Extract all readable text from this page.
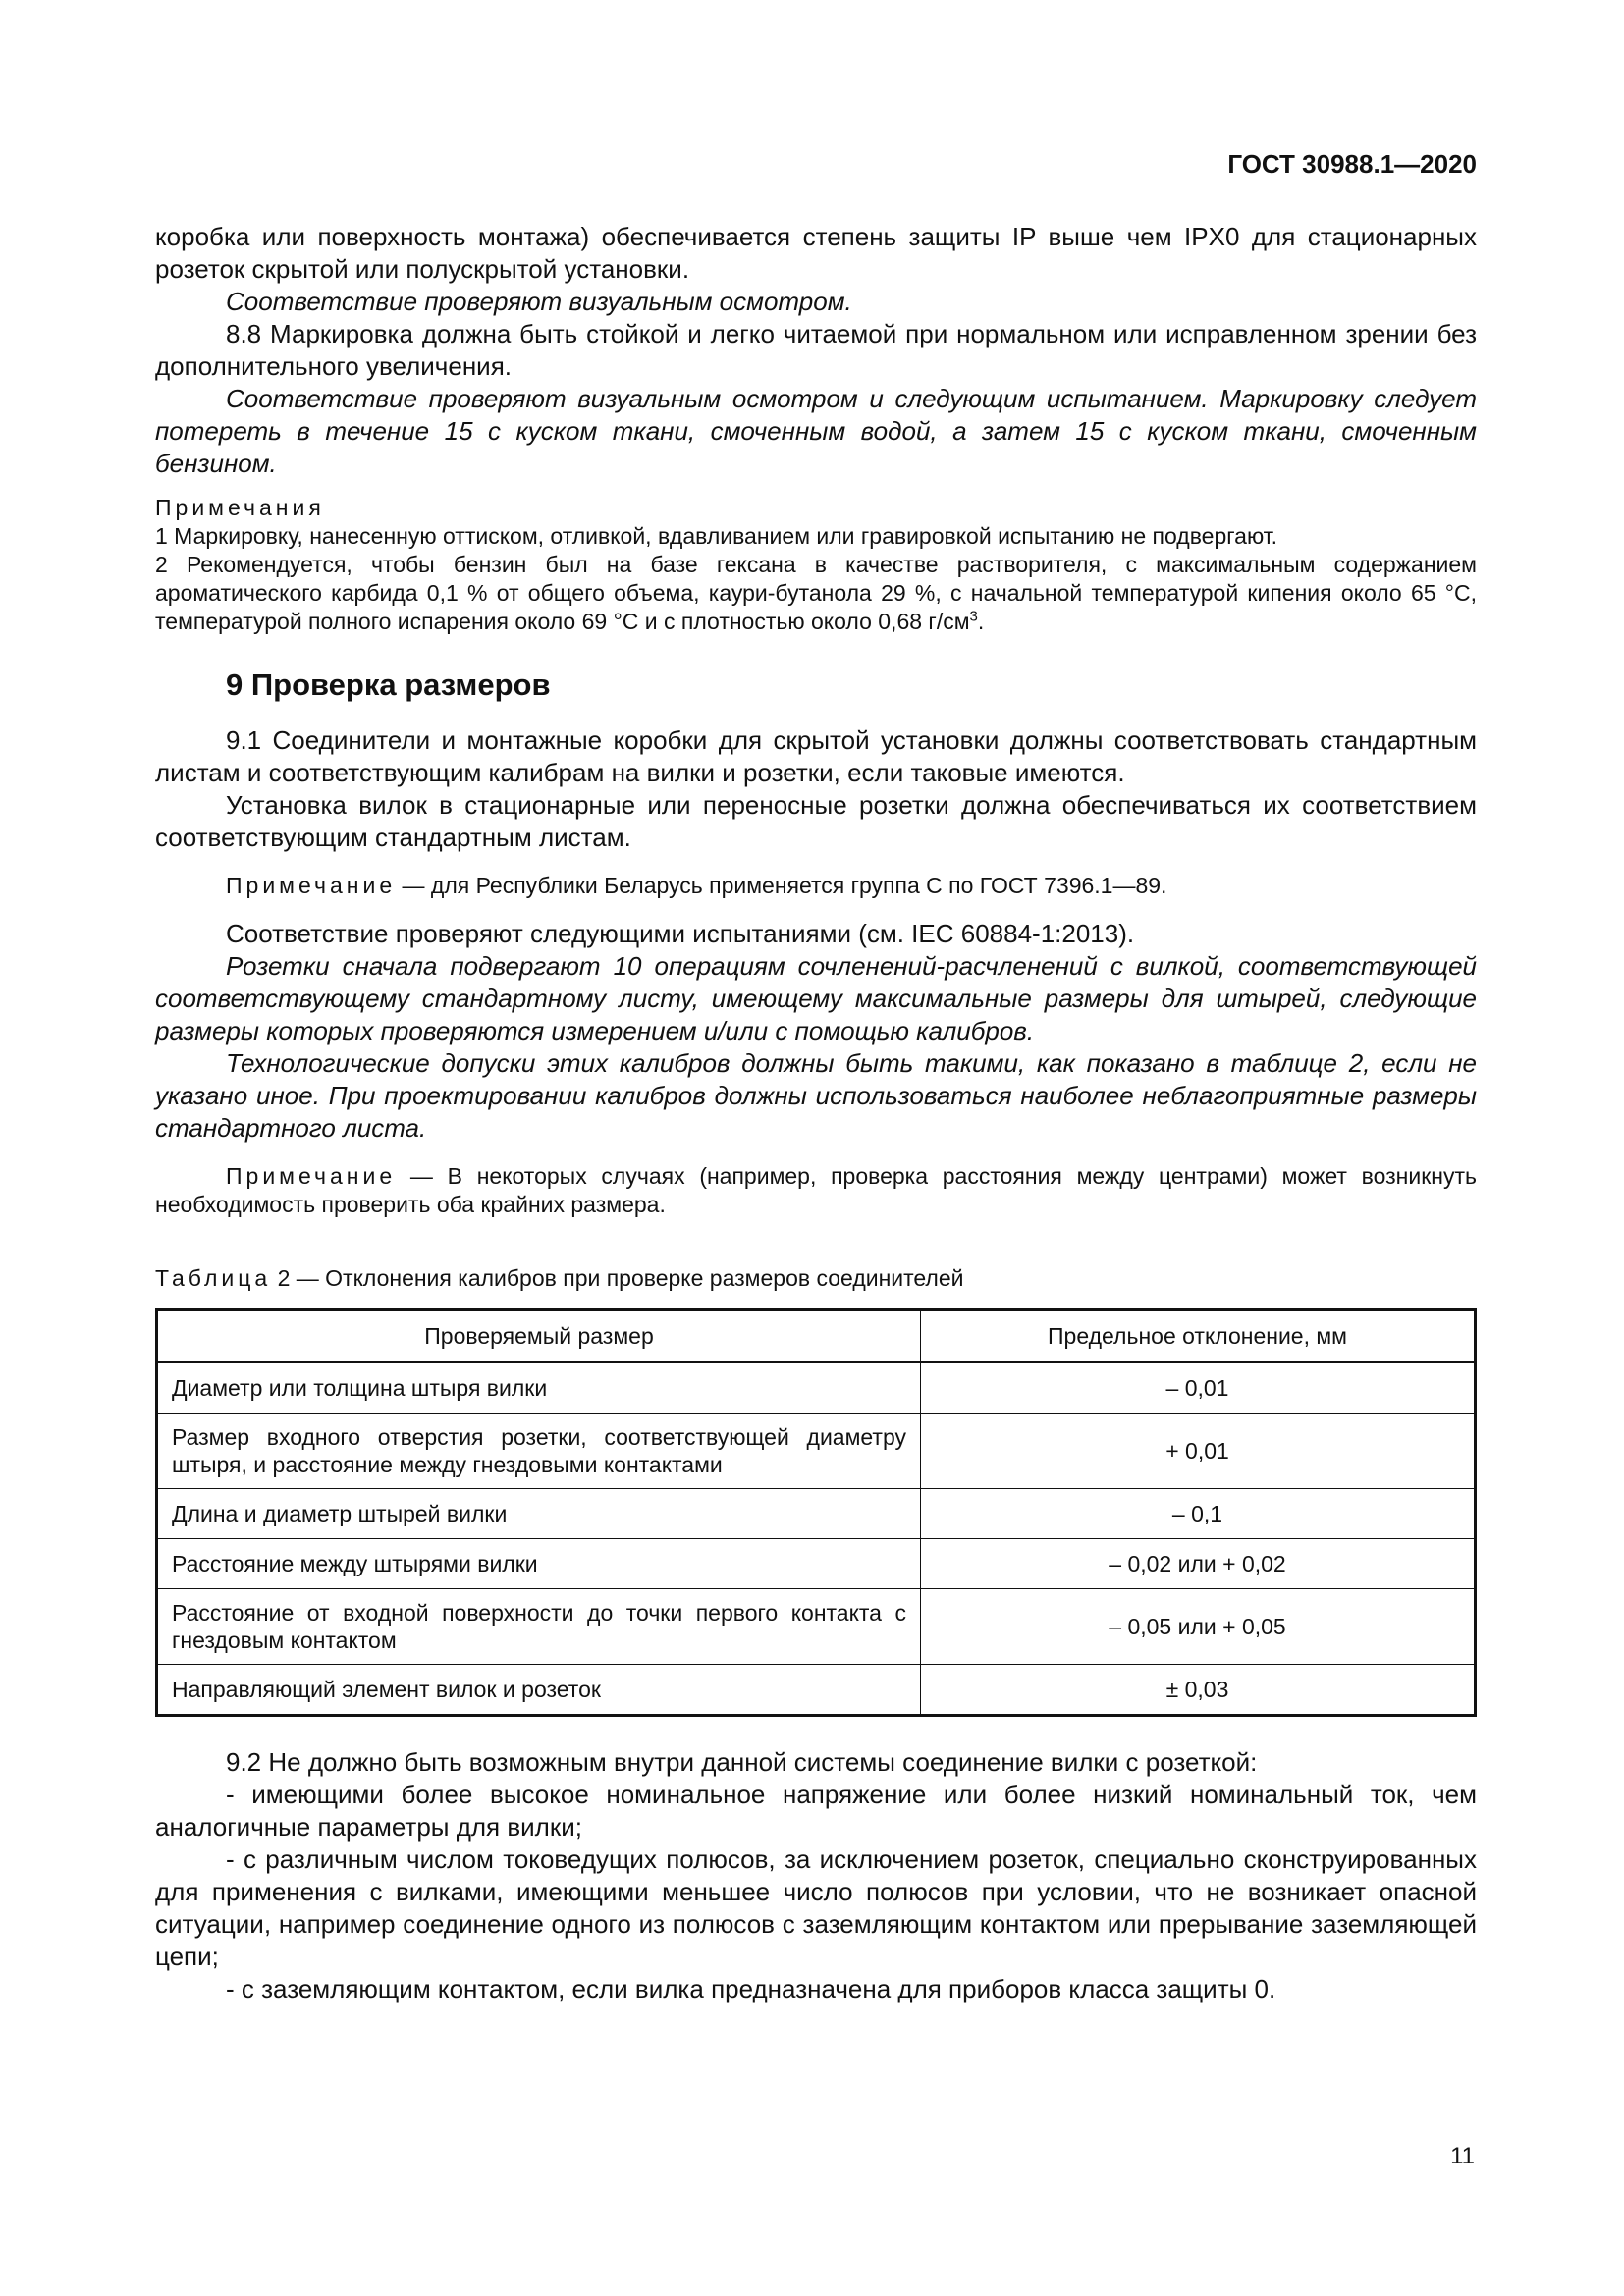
ГОСТ 30988.1—2020

коробка или поверхность монтажа) обеспечивается степень защиты IP выше чем IPX0 для стационарных розеток скрытой или полускрытой установки.

Соответствие проверяют визуальным осмотром.

8.8 Маркировка должна быть стойкой и легко читаемой при нормальном или исправленном зрении без дополнительного увеличения.

Соответствие проверяют визуальным осмотром и следующим испытанием. Маркировку следует потереть в течение 15 с куском ткани, смоченным водой, а затем 15 с куском ткани, смоченным бензином.

Примечания

1 Маркировку, нанесенную оттиском, отливкой, вдавливанием или гравировкой испытанию не подвергают.

2 Рекомендуется, чтобы бензин был на базе гексана в качестве растворителя, с максимальным содержанием ароматического карбида 0,1 % от общего объема, каури-бутанола 29 %, с начальной температурой кипения около 65 °С, температурой полного испарения около 69 °С и с плотностью около 0,68 $г/см^3$.

9 Проверка размеров

9.1 Соединители и монтажные коробки для скрытой установки должны соответствовать стандартным листам и соответствующим калибрам на вилки и розетки, если таковые имеются.

Установка вилок в стационарные или переносные розетки должна обеспечиваться их соответствием соответствующим стандартным листам.

Примечание — для Республики Беларусь применяется группа С по ГОСТ 7396.1—89.

Соответствие проверяют следующими испытаниями (см. IEC 60884-1:2013).

Розетки сначала подвергают 10 операциям сочленений-расчленений с вилкой, соответствующей соответствующему стандартному листу, имеющему максимальные размеры для штырей, следующие размеры которых проверяются измерением и/или с помощью калибров.

Технологические допуски этих калибров должны быть такими, как показано в таблице 2, если не указано иное. При проектировании калибров должны использоваться наиболее неблагоприятные размеры стандартного листа.

Примечание — В некоторых случаях (например, проверка расстояния между центрами) может возникнуть необходимость проверить оба крайних размера.

Таблица 2 — Отклонения калибров при проверке размеров соединителей
Проверяемый размер	Предельное отклонение, мм
Диаметр или толщина штыря вилки	– 0,01
Размер входного отверстия розетки, соответствующей диаметру штыря, и расстояние между гнездовыми контактами	+ 0,01
Длина и диаметр штырей вилки	– 0,1
Расстояние между штырями вилки	– 0,02 или + 0,02
Расстояние от входной поверхности до точки первого контакта с гнездовым контактом	– 0,05 или + 0,05
Направляющий элемент вилок и розеток	± 0,03

9.2 Не должно быть возможным внутри данной системы соединение вилки с розеткой:

- имеющими более высокое номинальное напряжение или более низкий номинальный ток, чем аналогичные параметры для вилки;

- с различным числом токоведущих полюсов, за исключением розеток, специально сконструированных для применения с вилками, имеющими меньшее число полюсов при условии, что не возникает опасной ситуации, например соединение одного из полюсов с заземляющим контактом или прерывание заземляющей цепи;

- с заземляющим контактом, если вилка предназначена для приборов класса защиты 0.

11
